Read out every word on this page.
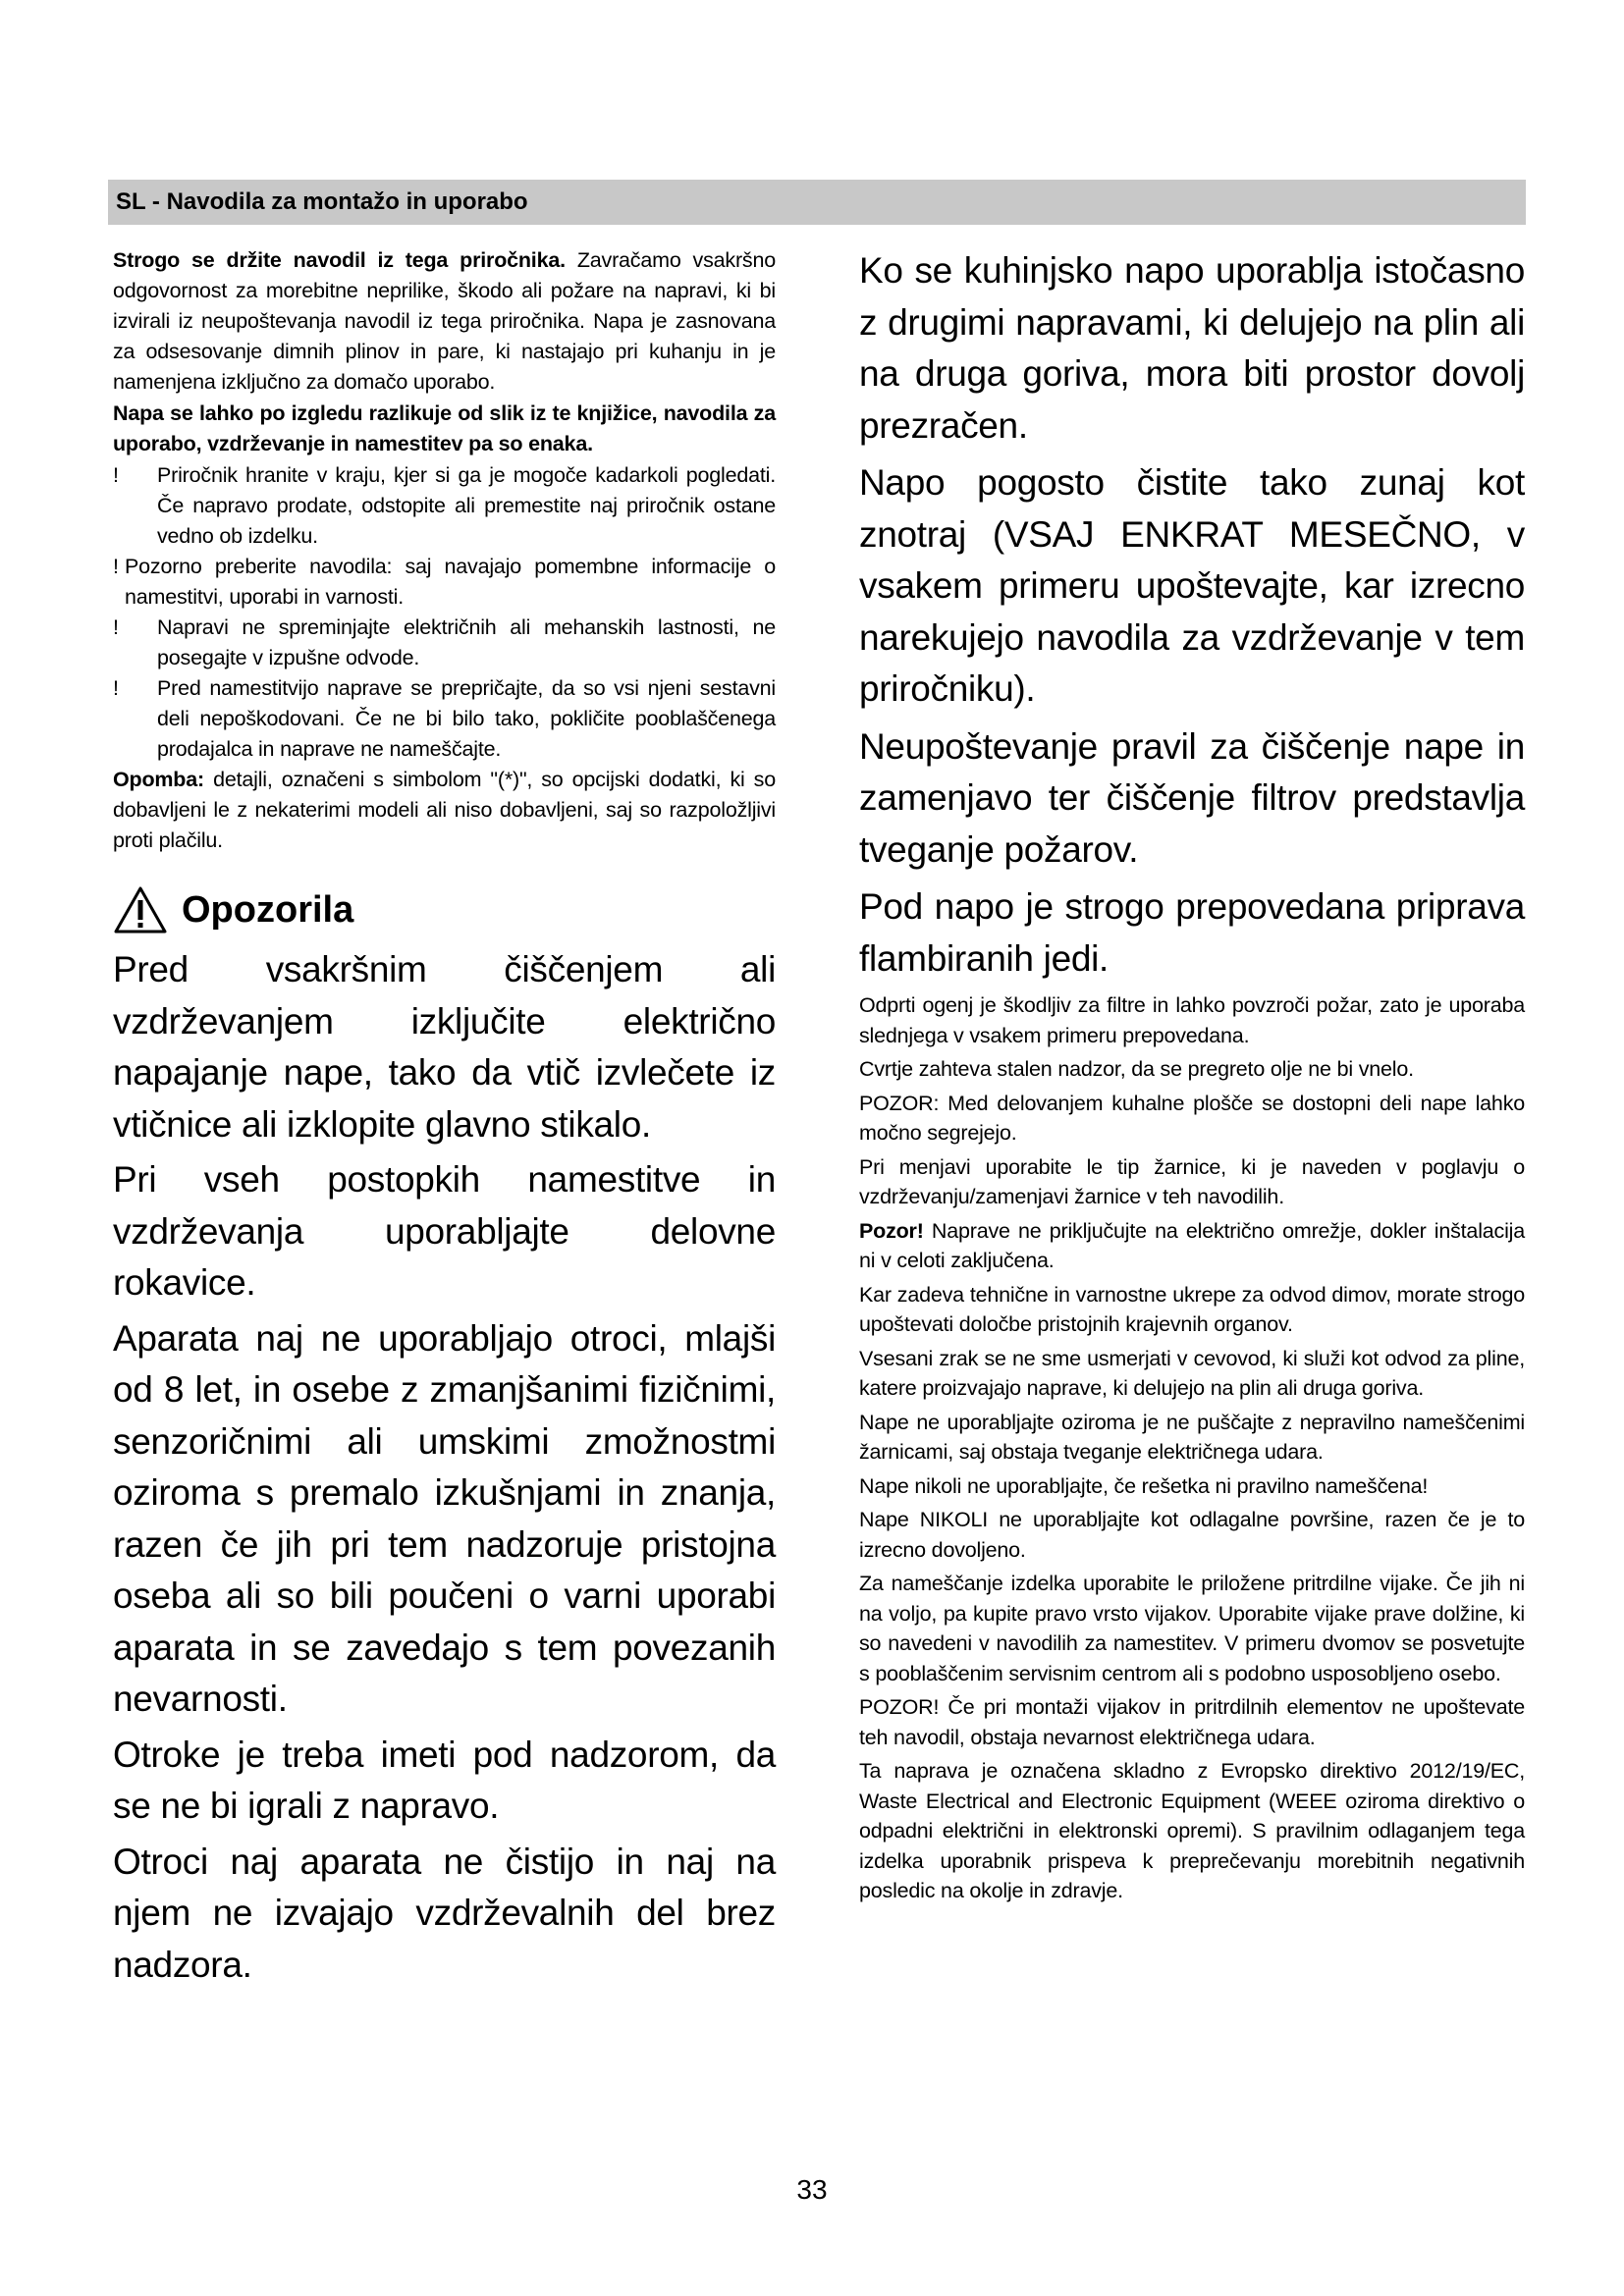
SL - Navodila za montažo in uporabo

Strogo se držite navodil iz tega priročnika. Zavračamo vsakršno odgovornost za morebitne neprilike, škodo ali požare na napravi, ki bi izvirali iz neupoštevanja navodil iz tega priročnika. Napa je zasnovana za odsesovanje dimnih plinov in pare, ki nastajajo pri kuhanju in je namenjena izključno za domačo uporabo.

Napa se lahko po izgledu razlikuje od slik iz te knjižice, navodila za uporabo, vzdrževanje in namestitev pa so enaka.

!	Priročnik hranite v kraju, kjer si ga je mogoče kadarkoli pogledati. Če napravo prodate, odstopite ali premestite naj priročnik ostane vedno ob izdelku.
! Pozorno preberite navodila: saj navajajo pomembne informacije o namestitvi, uporabi in varnosti.
!	Napravi ne spreminjajte električnih ali mehanskih lastnosti, ne posegajte v izpušne odvode.
!	Pred namestitvijo naprave se prepričajte, da so vsi njeni sestavni deli nepoškodovani. Če ne bi bilo tako, pokličite pooblaščenega prodajalca in naprave ne nameščajte.

Opomba: detajli, označeni s simbolom "(*)", so opcijski dodatki, ki so dobavljeni le z nekaterimi modeli ali niso dobavljeni, saj so razpoložljivi proti plačilu.

Opozorila

Pred vsakršnim čiščenjem ali vzdrževanjem izključite električno napajanje nape, tako da vtič izvlečete iz vtičnice ali izklopite glavno stikalo.

Pri vseh postopkih namestitve in vzdrževanja uporabljajte delovne rokavice.

Aparata naj ne uporabljajo otroci, mlajši od 8 let, in osebe z zmanjšanimi fizičnimi, senzoričnimi ali umskimi zmožnostmi oziroma s premalo izkušnjami in znanja, razen če jih pri tem nadzoruje pristojna oseba ali so bili poučeni o varni uporabi aparata in se zavedajo s tem povezanih nevarnosti.

Otroke je treba imeti pod nadzorom, da se ne bi igrali z napravo.

Otroci naj aparata ne čistijo in naj na njem ne izvajajo vzdrževalnih del brez nadzora.

Ko se kuhinjsko napo uporablja istočasno z drugimi napravami, ki delujejo na plin ali na druga goriva, mora biti prostor dovolj prezračen.

Napo pogosto čistite tako zunaj kot znotraj (VSAJ ENKRAT MESEČNO, v vsakem primeru upoštevajte, kar izrecno narekujejo navodila za vzdrževanje v tem priročniku).

Neupoštevanje pravil za čiščenje nape in zamenjavo ter čiščenje filtrov predstavlja tveganje požarov.

Pod napo je strogo prepovedana priprava flambiranih jedi.

Odprti ogenj je škodljiv za filtre in lahko povzroči požar, zato je uporaba slednjega v vsakem primeru prepovedana.

Cvrtje zahteva stalen nadzor, da se pregreto olje ne bi vnelo.

POZOR: Med delovanjem kuhalne plošče se dostopni deli nape lahko močno segrejejo.

Pri menjavi uporabite le tip žarnice, ki je naveden v poglavju o vzdrževanju/zamenjavi žarnice v teh navodilih.

Pozor! Naprave ne priključujte na električno omrežje, dokler inštalacija ni v celoti zaključena.

Kar zadeva tehnične in varnostne ukrepe za odvod dimov, morate strogo upoštevati določbe pristojnih krajevnih organov.

Vsesani zrak se ne sme usmerjati v cevovod, ki služi kot odvod za pline, katere proizvajajo naprave, ki delujejo na plin ali druga goriva.

Nape ne uporabljajte oziroma je ne puščajte z nepravilno nameščenimi žarnicami, saj obstaja tveganje električnega udara.

Nape nikoli ne uporabljajte, če rešetka ni pravilno nameščena!

Nape NIKOLI ne uporabljajte kot odlagalne površine, razen če je to izrecno dovoljeno.

Za nameščanje izdelka uporabite le priložene pritrdilne vijake. Če jih ni na voljo, pa kupite pravo vrsto vijakov. Uporabite vijake prave dolžine, ki so navedeni v navodilih za namestitev. V primeru dvomov se posvetujte s pooblaščenim servisnim centrom ali s podobno usposobljeno osebo.

POZOR! Če pri montaži vijakov in pritrdilnih elementov ne upoštevate teh navodil, obstaja nevarnost električnega udara.

Ta naprava je označena skladno z Evropsko direktivo 2012/19/EC, Waste Electrical and Electronic Equipment (WEEE oziroma direktivo o odpadni električni in elektronski opremi). S pravilnim odlaganjem tega izdelka uporabnik prispeva k preprečevanju morebitnih negativnih posledic na okolje in zdravje.

33
